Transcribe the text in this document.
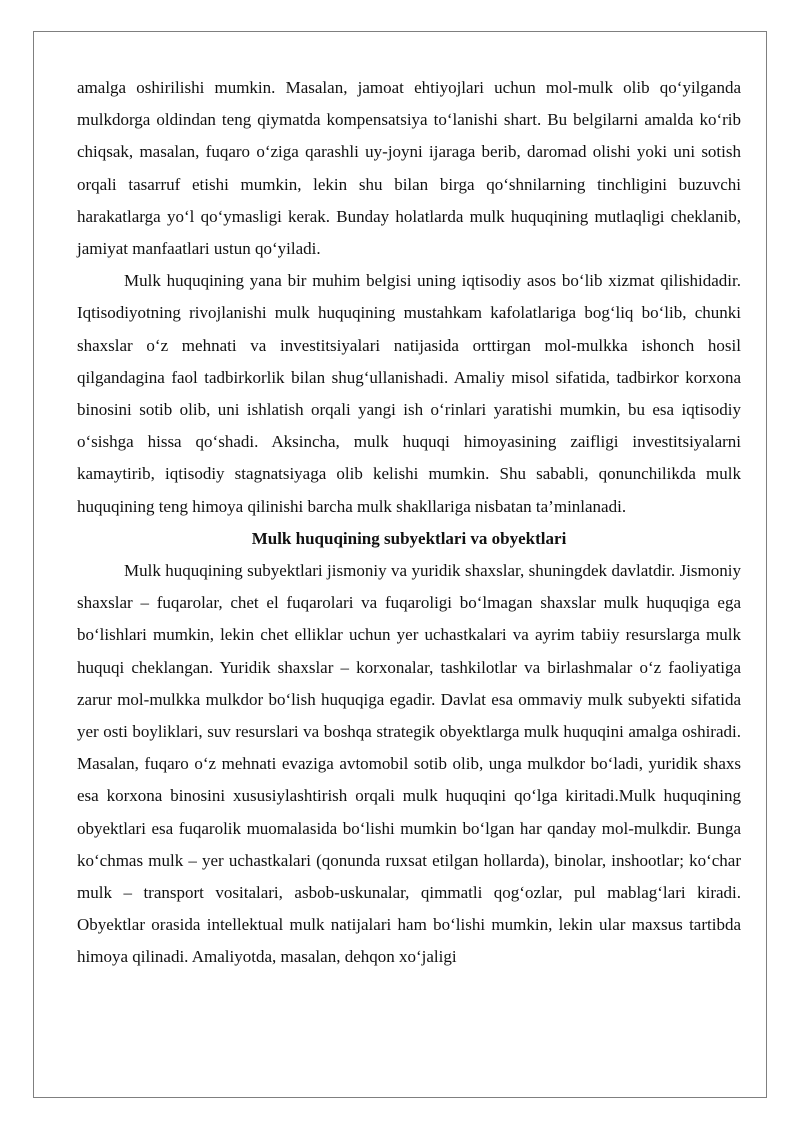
amalga oshirilishi mumkin. Masalan, jamoat ehtiyojlari uchun mol-mulk olib qo‘yilganda mulkdorga oldindan teng qiymatda kompensatsiya to‘lanishi shart. Bu belgilarni amalda ko‘rib chiqsak, masalan, fuqaro o‘ziga qarashli uy-joyni ijaraga berib, daromad olishi yoki uni sotish orqali tasarruf etishi mumkin, lekin shu bilan birga qo‘shnilarning tinchligini buzuvchi harakatlarga yo‘l qo‘ymasligi kerak. Bunday holatlarda mulk huquqining mutlaqligi cheklanib, jamiyat manfaatlari ustun qo‘yiladi.

Mulk huquqining yana bir muhim belgisi uning iqtisodiy asos bo‘lib xizmat qilishidadir. Iqtisodiyotning rivojlanishi mulk huquqining mustahkam kafolatlariga bog‘liq bo‘lib, chunki shaxslar o‘z mehnati va investitsiyalari natijasida orttirgan mol-mulkka ishonch hosil qilgandagina faol tadbirkorlik bilan shug‘ullanishadi. Amaliy misol sifatida, tadbirkor korxona binosini sotib olib, uni ishlatish orqali yangi ish o‘rinlari yaratishi mumkin, bu esa iqtisodiy o‘sishga hissa qo‘shadi. Aksincha, mulk huquqi himoyasining zaifligi investitsiyalarni kamaytirib, iqtisodiy stagnatsiyaga olib kelishi mumkin. Shu sababli, qonunchilikda mulk huquqining teng himoya qilinishi barcha mulk shakllariga nisbatan ta’minlanadi.

Mulk huquqining subyektlari va obyektlari

Mulk huquqining subyektlari jismoniy va yuridik shaxslar, shuningdek davlatdir. Jismoniy shaxslar – fuqarolar, chet el fuqarolari va fuqaroligi bo‘lmagan shaxslar mulk huquqiga ega bo‘lishlari mumkin, lekin chet elliklar uchun yer uchastkalari va ayrim tabiiy resurslarga mulk huquqi cheklangan. Yuridik shaxslar – korxonalar, tashkilotlar va birlashmalar o‘z faoliyatiga zarur mol-mulkka mulkdor bo‘lish huquqiga egadir. Davlat esa ommaviy mulk subyekti sifatida yer osti boyliklari, suv resurslari va boshqa strategik obyektlarga mulk huquqini amalga oshiradi. Masalan, fuqaro o‘z mehnati evaziga avtomobil sotib olib, unga mulkdor bo‘ladi, yuridik shaxs esa korxona binosini xususiylashtirish orqali mulk huquqini qo‘lga kiritadi.Mulk huquqining obyektlari esa fuqarolik muomalasida bo‘lishi mumkin bo‘lgan har qanday mol-mulkdir. Bunga ko‘chmas mulk – yer uchastkalari (qonunda ruxsat etilgan hollarda), binolar, inshootlar; ko‘char mulk – transport vositalari, asbob-uskunalar, qimmatli qog‘ozlar, pul mablag‘lari kiradi. Obyektlar orasida intellektual mulk natijalari ham bo‘lishi mumkin, lekin ular maxsus tartibda himoya qilinadi. Amaliyotda, masalan, dehqon xo‘jaligi
